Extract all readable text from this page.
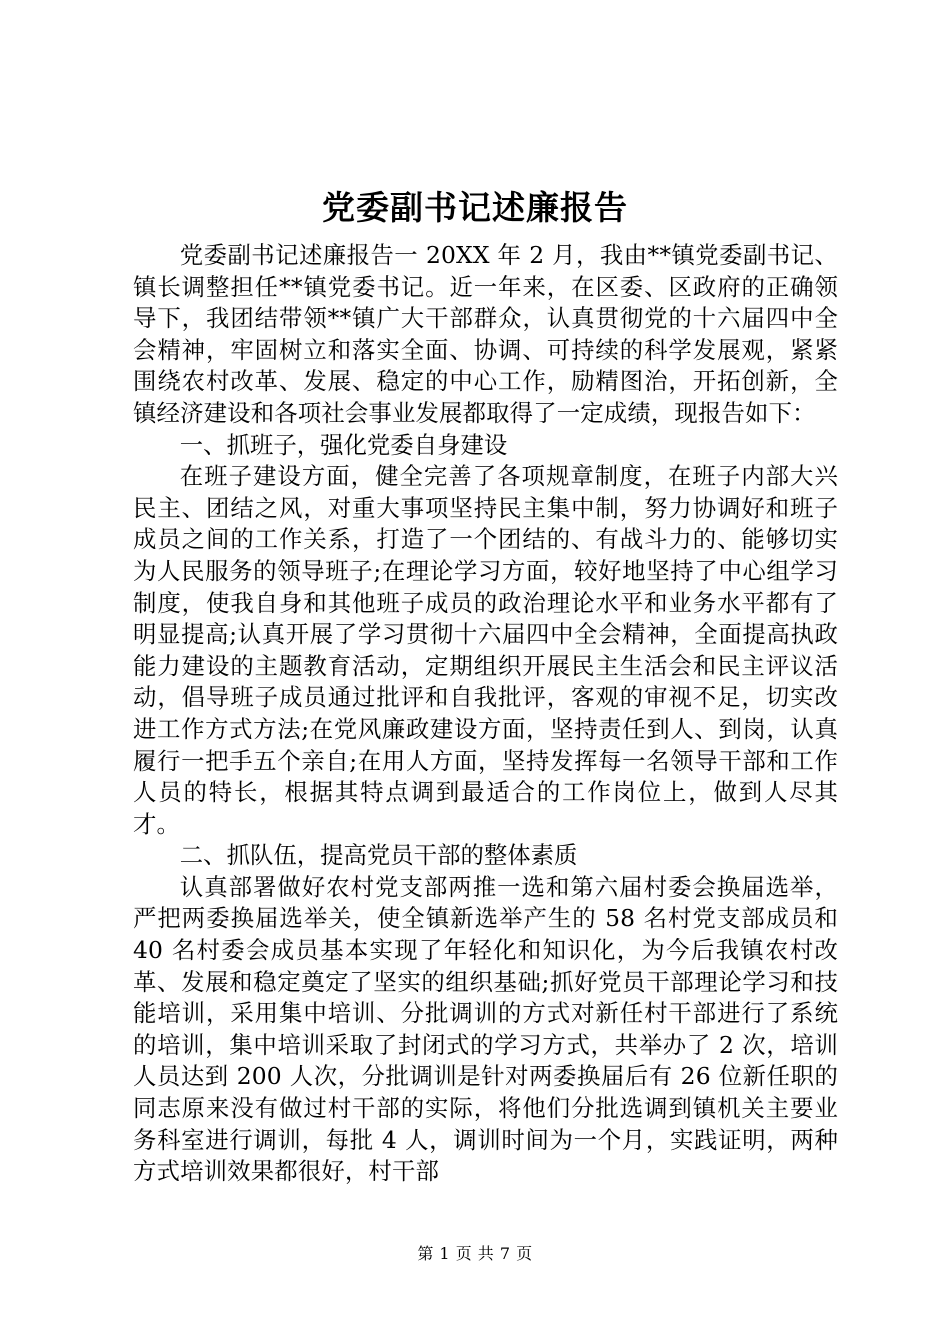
党委副书记述廉报告

党委副书记述廉报告一 20XX 年 2 月，我由**镇党委副书记、镇长调整担任**镇党委书记。近一年来，在区委、区政府的正确领导下，我团结带领**镇广大干部群众，认真贯彻党的十六届四中全会精神，牢固树立和落实全面、协调、可持续的科学发展观，紧紧围绕农村改革、发展、稳定的中心工作，励精图治，开拓创新，全镇经济建设和各项社会事业发展都取得了一定成绩，现报告如下：

一、抓班子，强化党委自身建设

在班子建设方面，健全完善了各项规章制度，在班子内部大兴民主、团结之风，对重大事项坚持民主集中制，努力协调好和班子成员之间的工作关系，打造了一个团结的、有战斗力的、能够切实为人民服务的领导班子;在理论学习方面，较好地坚持了中心组学习制度，使我自身和其他班子成员的政治理论水平和业务水平都有了明显提高;认真开展了学习贯彻十六届四中全会精神，全面提高执政能力建设的主题教育活动，定期组织开展民主生活会和民主评议活动，倡导班子成员通过批评和自我批评，客观的审视不足，切实改进工作方式方法;在党风廉政建设方面，坚持责任到人、到岗，认真履行一把手五个亲自;在用人方面，坚持发挥每一名领导干部和工作人员的特长，根据其特点调到最适合的工作岗位上，做到人尽其才。

二、抓队伍，提高党员干部的整体素质

认真部署做好农村党支部两推一选和第六届村委会换届选举，严把两委换届选举关，使全镇新选举产生的 58 名村党支部成员和 40 名村委会成员基本实现了年轻化和知识化，为今后我镇农村改革、发展和稳定奠定了坚实的组织基础;抓好党员干部理论学习和技能培训，采用集中培训、分批调训的方式对新任村干部进行了系统的培训，集中培训采取了封闭式的学习方式，共举办了 2 次，培训人员达到 200 人次，分批调训是针对两委换届后有 26 位新任职的同志原来没有做过村干部的实际，将他们分批选调到镇机关主要业务科室进行调训，每批 4 人，调训时间为一个月，实践证明，两种方式培训效果都很好，村干部

第 1 页 共 7 页
